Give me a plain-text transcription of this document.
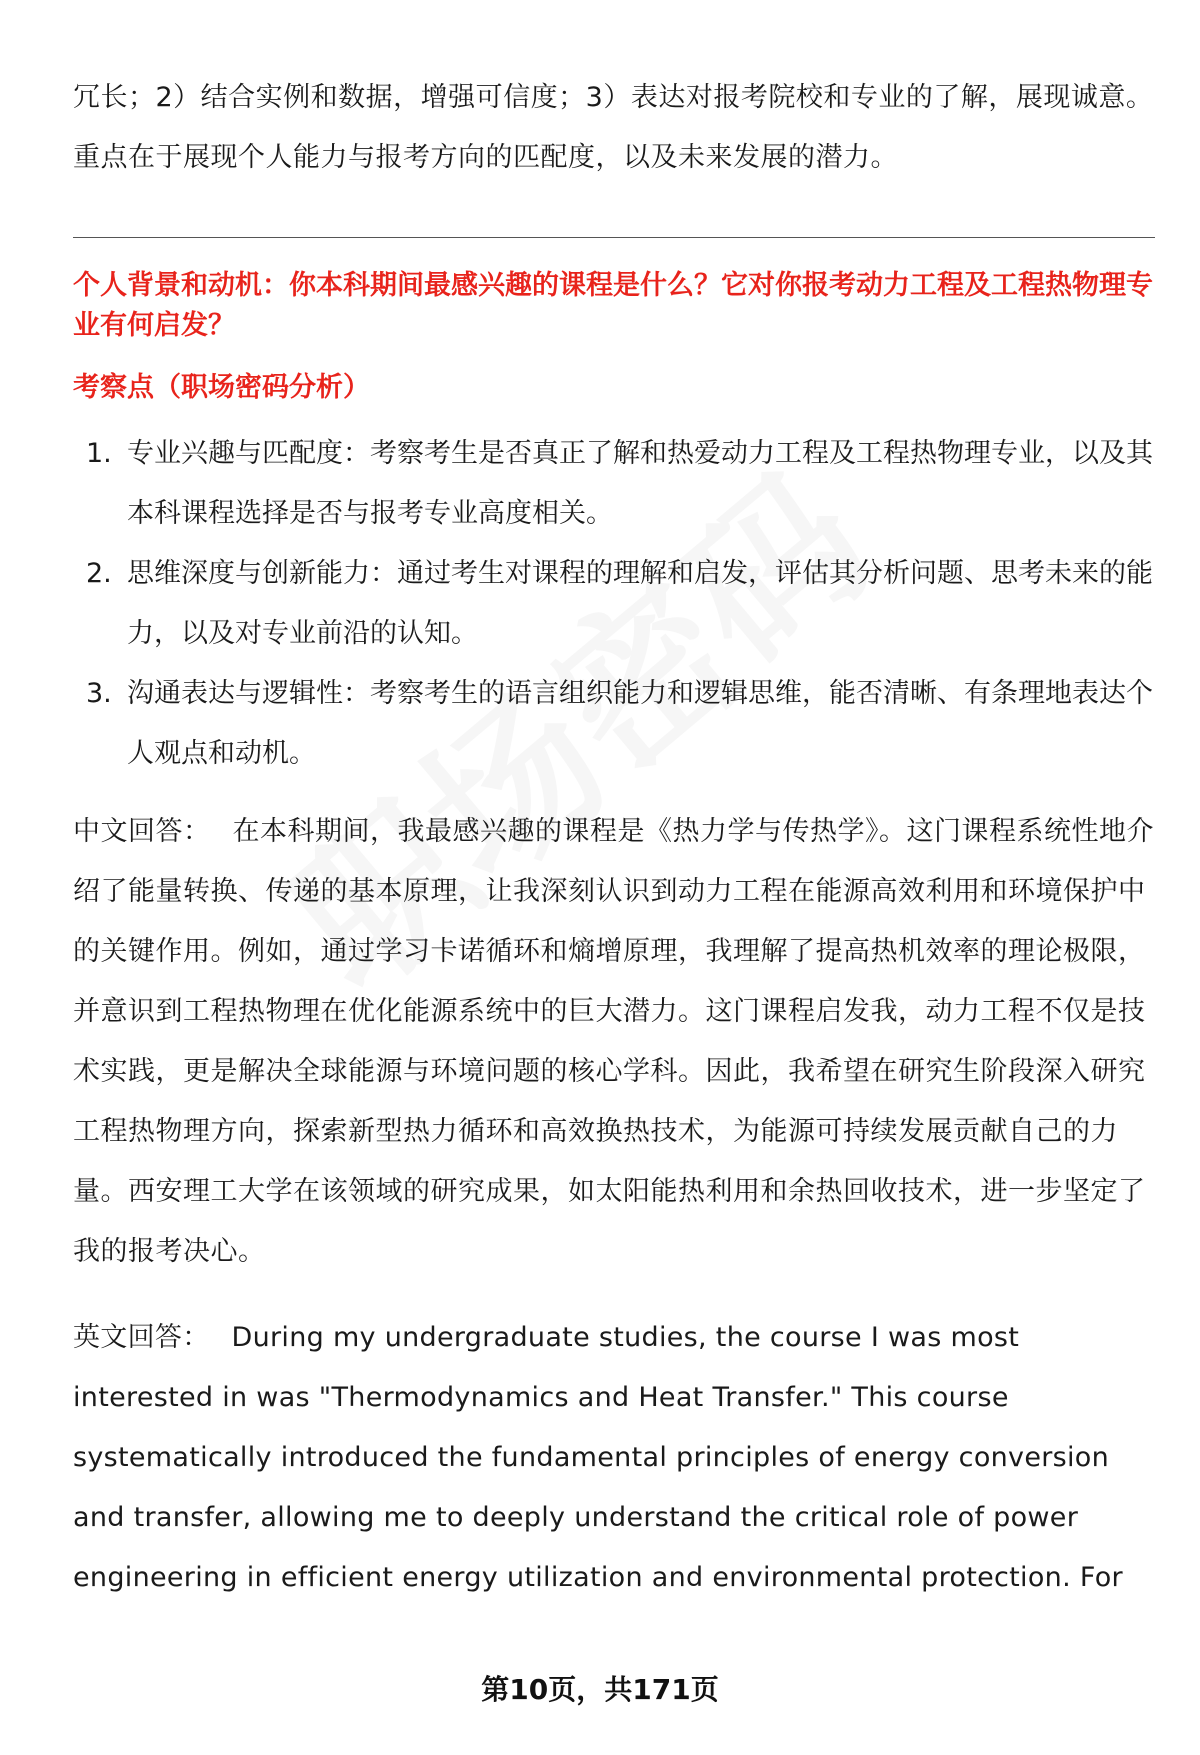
冗长；2）结合实例和数据，增强可信度；3）表达对报考院校和专业的了解，展现诚意。重点在于展现个人能力与报考方向的匹配度，以及未来发展的潜力。

个人背景和动机：你本科期间最感兴趣的课程是什么？它对你报考动力工程及工程热物理专业有何启发？
考察点（职场密码分析）
1. 专业兴趣与匹配度：考察考生是否真正了解和热爱动力工程及工程热物理专业，以及其本科课程选择是否与报考专业高度相关。
2. 思维深度与创新能力：通过考生对课程的理解和启发，评估其分析问题、思考未来的能力，以及对专业前沿的认知。
3. 沟通表达与逻辑性：考察考生的语言组织能力和逻辑思维，能否清晰、有条理地表达个人观点和动机。

中文回答： 在本科期间，我最感兴趣的课程是《热力学与传热学》。这门课程系统性地介绍了能量转换、传递的基本原理，让我深刻认识到动力工程在能源高效利用和环境保护中的关键作用。例如，通过学习卡诺循环和熵增原理，我理解了提高热机效率的理论极限，并意识到工程热物理在优化能源系统中的巨大潜力。这门课程启发我，动力工程不仅是技术实践，更是解决全球能源与环境问题的核心学科。因此，我希望在研究生阶段深入研究工程热物理方向，探索新型热力循环和高效换热技术，为能源可持续发展贡献自己的力量。西安理工大学在该领域的研究成果，如太阳能热利用和余热回收技术，进一步坚定了我的报考决心。

英文回答： During my undergraduate studies, the course I was most interested in was "Thermodynamics and Heat Transfer." This course systematically introduced the fundamental principles of energy conversion and transfer, allowing me to deeply understand the critical role of power engineering in efficient energy utilization and environmental protection. For

第10页，共171页
